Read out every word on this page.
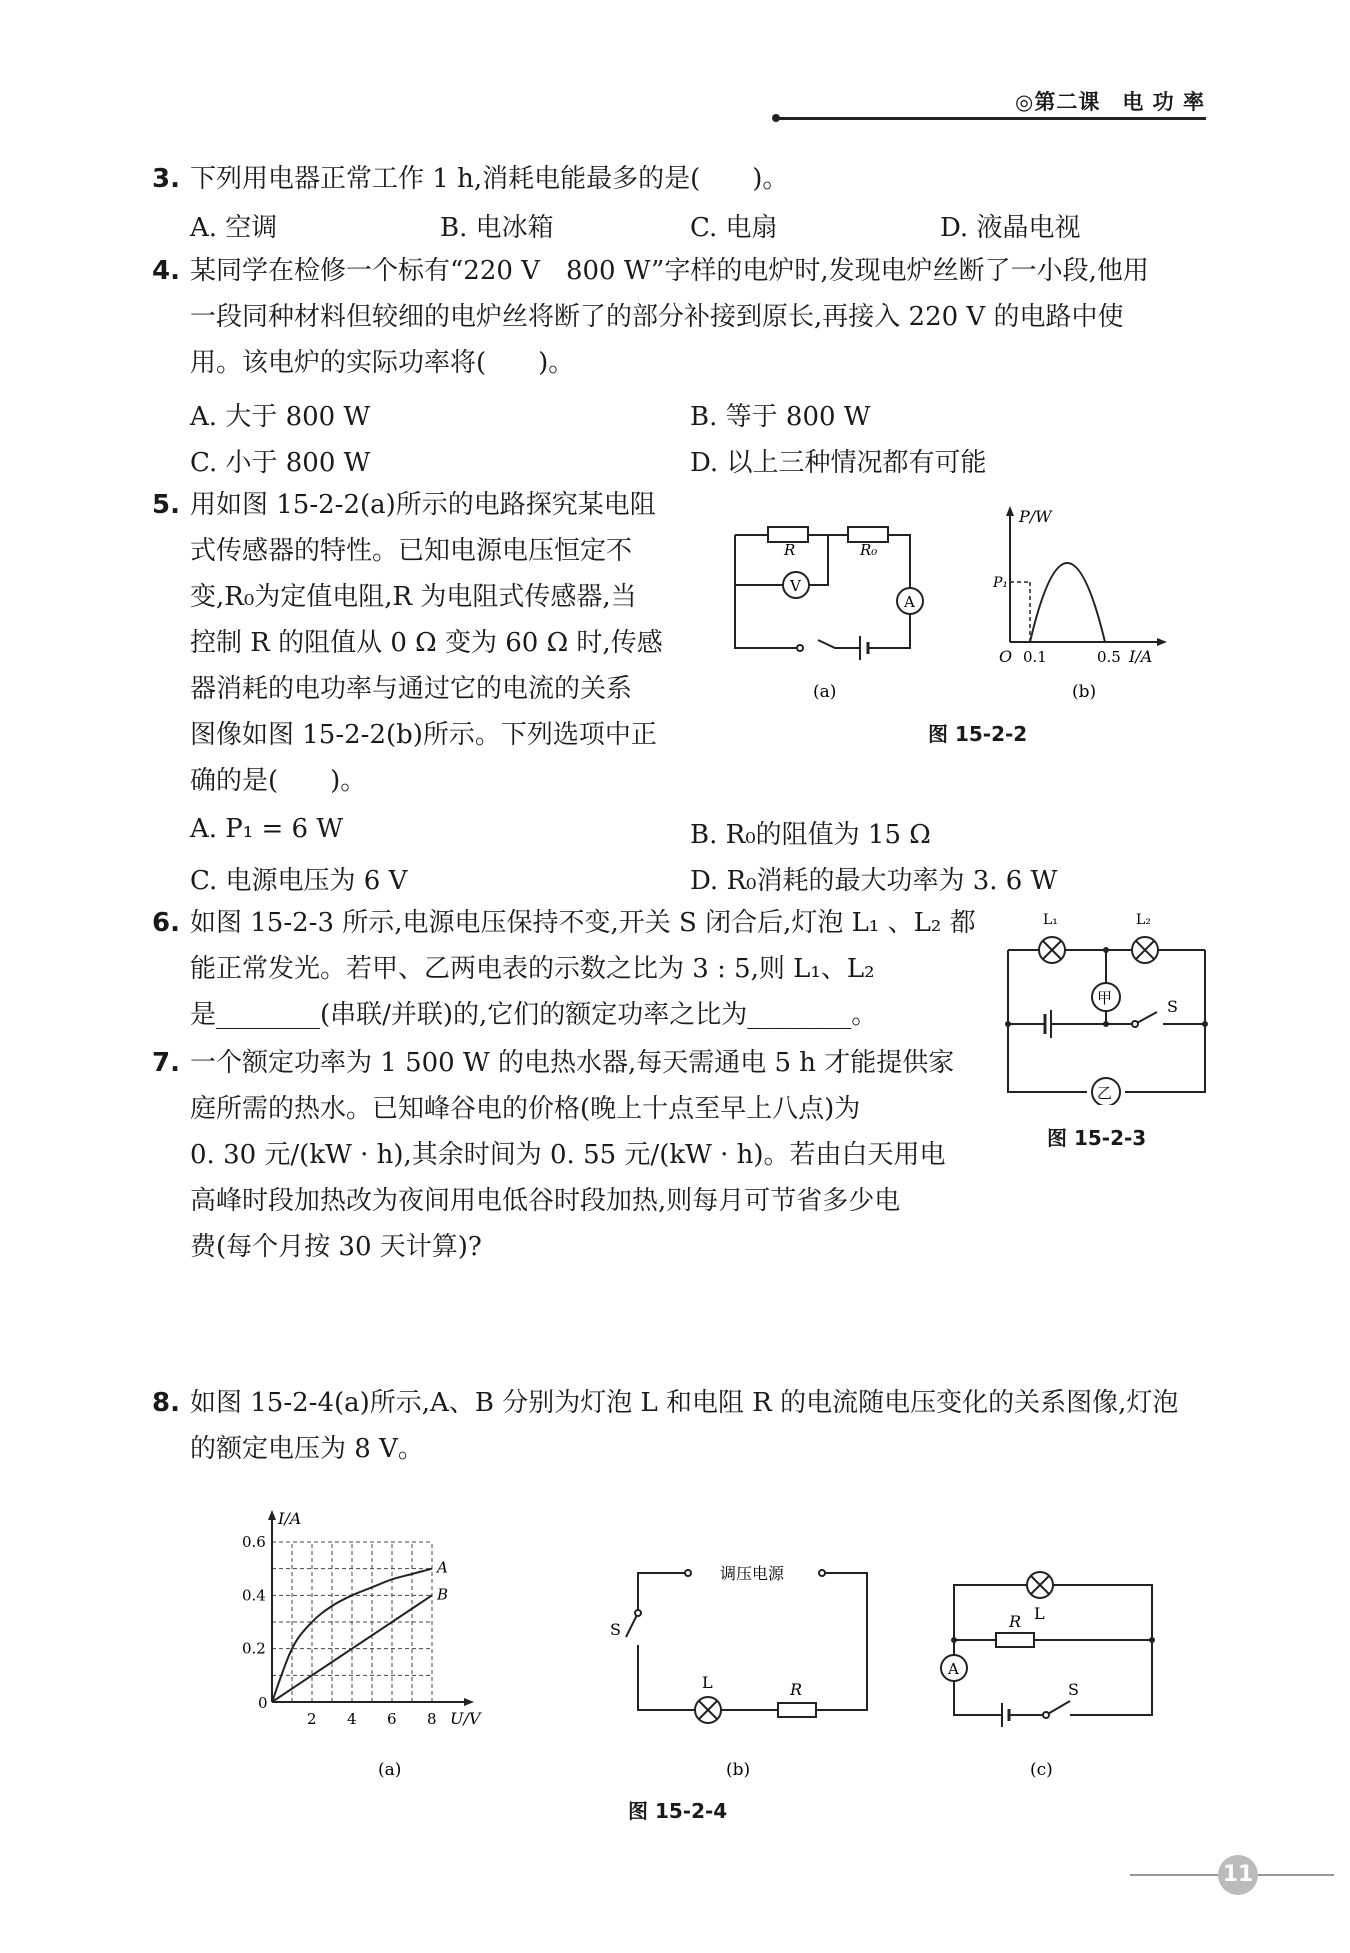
◎第二课　电 功 率
3. 下列用电器正常工作 1 h,消耗电能最多的是(　　)。
A. 空调	B. 电冰箱	C. 电扇	D. 液晶电视
4. 某同学在检修一个标有“220 V　800 W”字样的电炉时,发现电炉丝断了一小段,他用
一段同种材料但较细的电炉丝将断了的部分补接到原长,再接入 220 V 的电路中使
用。该电炉的实际功率将(　　)。
A. 大于 800 W	B. 等于 800 W
C. 小于 800 W	D. 以上三种情况都有可能
5. 用如图 15-2-2(a)所示的电路探究某电阻
式传感器的特性。已知电源电压恒定不
变,R₀为定值电阻,R 为电阻式传感器,当
控制 R 的阻值从 0 Ω 变为 60 Ω 时,传感
器消耗的电功率与通过它的电流的关系
图像如图 15-2-2(b)所示。下列选项中正
确的是(　　)。
R	R₀
V
A
(a)
P/W
P₁
O 0.1	0.5 I/A
(b)
图 15-2-2
A. P₁ = 6 W	B. R₀的阻值为 15 Ω
C. 电源电压为 6 V	D. R₀消耗的最大功率为 3. 6 W
6. 如图 15-2-3 所示,电源电压保持不变,开关 S 闭合后,灯泡 L₁ 、L₂ 都
能正常发光。若甲、乙两电表的示数之比为 3 : 5,则 L₁、L₂
是________(串联/并联)的,它们的额定功率之比为________。
L₁	L₂
甲
乙
S
图 15-2-3
7. 一个额定功率为 1 500 W 的电热水器,每天需通电 5 h 才能提供家
庭所需的热水。已知峰谷电的价格(晚上十点至早上八点)为
0. 30 元/(kW · h),其余时间为 0. 55 元/(kW · h)。若由白天用电
高峰时段加热改为夜间用电低谷时段加热,则每月可节省多少电
费(每个月按 30 天计算)?
8. 如图 15-2-4(a)所示,A、B 分别为灯泡 L 和电阻 R 的电流随电压变化的关系图像,灯泡
的额定电压为 8 V。
2 4 6 8
0.2
0.4
0.6
0
I/A
U/V
A
B
(a)
调压电源
S
L	R
(b)
L
R
A
S
(c)
图 15-2-4
11
